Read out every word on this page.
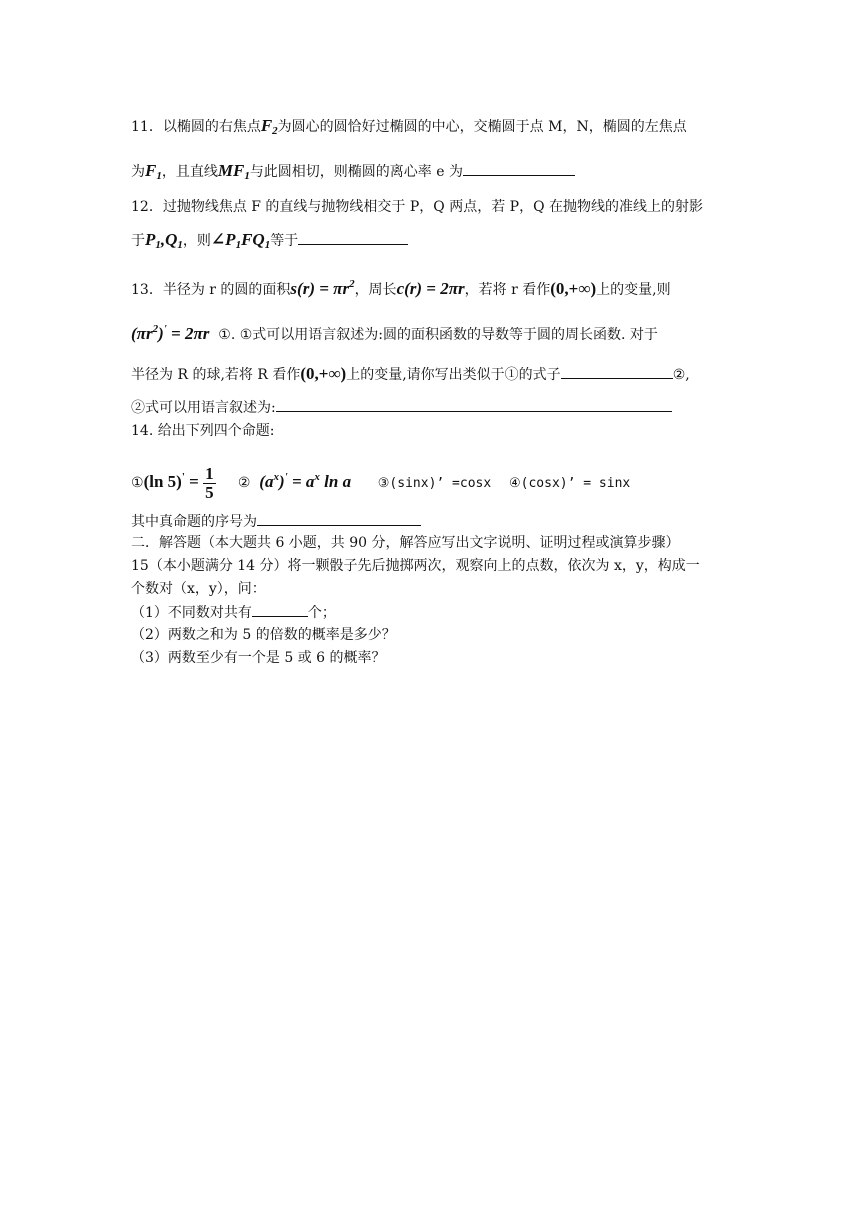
11．以椭圆的右焦点$F_2$为圆心的圆恰好过椭圆的中心，交椭圆于点 M，N，椭圆的左焦点
为$F_1$，且直线$MF_1$与此圆相切，则椭圆的离心率 e 为
12．过抛物线焦点 F 的直线与抛物线相交于 P，Q 两点，若 P，Q 在抛物线的准线上的射影
于$P_1,Q_1$，则$\angle P_1FQ_1$等于
13．半径为 r 的圆的面积$s(r) = \pi r^2$，周长c(r) = 2πr，若将 r 看作(0,+∞)上的变量,则
$(\pi r^2)' = 2\pi r$ ①. ①式可以用语言叙述为:圆的面积函数的导数等于圆的周长函数. 对于
半径为 R 的球,若将 R 看作(0,+∞)上的变量,请你写出类似于①的式子	②,
②式可以用语言叙述为:
14. 给出下列四个命题:
①(ln $5)' = \frac{1}{5}$ ② $(a^x)' = a^x$ ln a ③(sinx)’ =cosx ④(cosx)’ = sinx
其中真命题的序号为
二．解答题（本大题共 6 小题，共 90 分，解答应写出文字说明、证明过程或演算步骤）
15（本小题满分 14 分）将一颗骰子先后抛掷两次，观察向上的点数，依次为 x，y，构成一
个数对（x，y），问：
（1）不同数对共有	个；
（2）两数之和为 5 的倍数的概率是多少？
（3）两数至少有一个是 5 或 6 的概率？
